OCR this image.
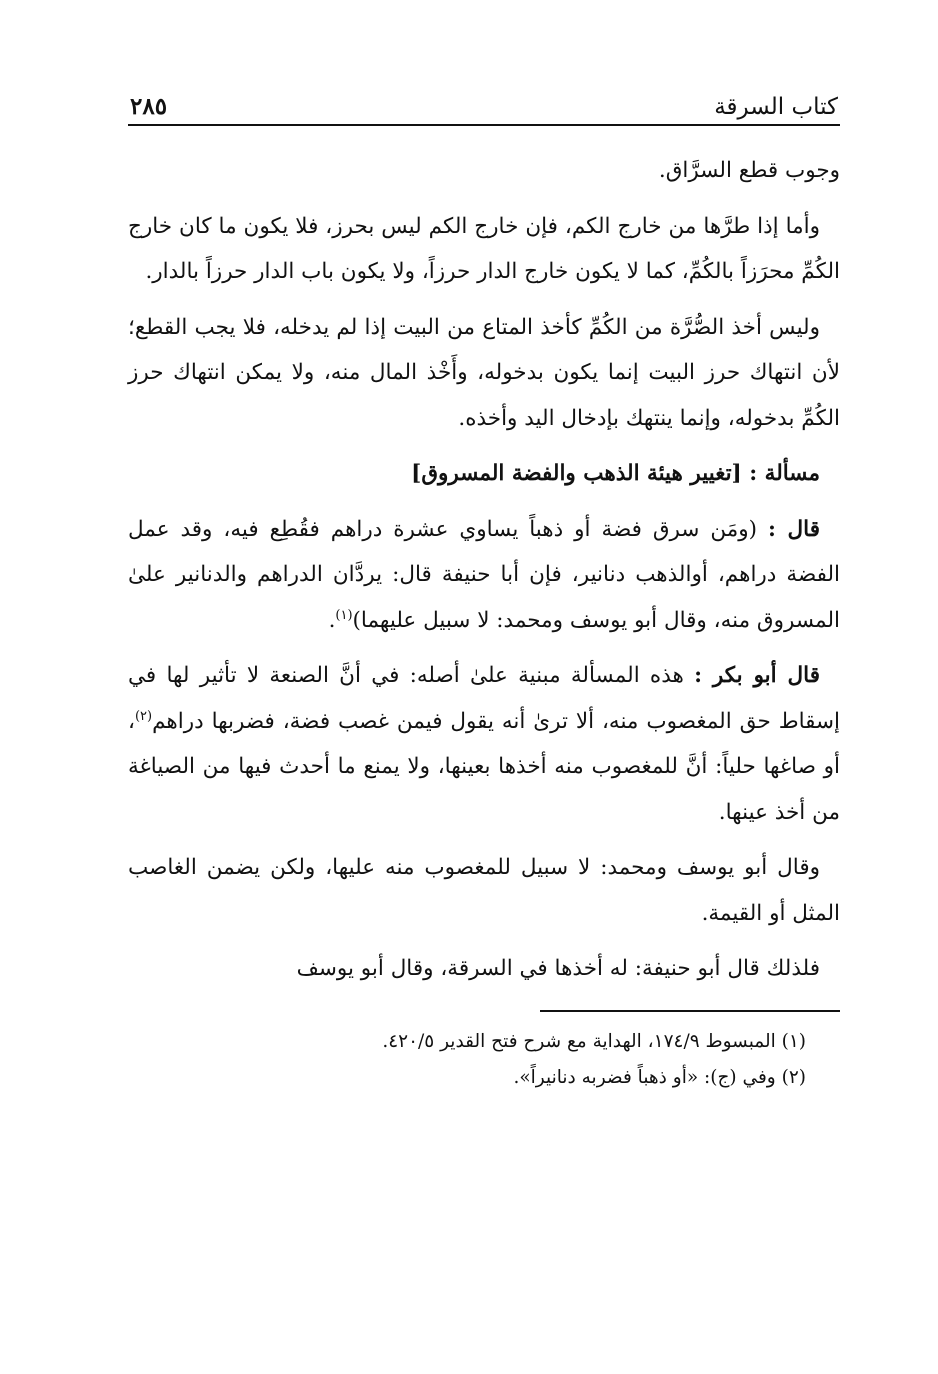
كتاب السرقة
٢٨٥

وجوب قطع السرَّاق.

وأما إذا طرَّها من خارج الكم، فإن خارج الكم ليس بحرز، فلا يكون ما كان خارج الكُمِّ محرَزاً بالكُمِّ، كما لا يكون خارج الدار حرزاً، ولا يكون باب الدار حرزاً بالدار.

وليس أخذ الصُّرَّة من الكُمِّ كأخذ المتاع من البيت إذا لم يدخله، فلا يجب القطع؛ لأن انتهاك حرز البيت إنما يكون بدخوله، وأَخْذ المال منه، ولا يمكن انتهاك حرز الكُمِّ بدخوله، وإنما ينتهك بإدخال اليد وأخذه.

مسألة : [تغيير هيئة الذهب والفضة المسروق]

قال : (ومَن سرق فضة أو ذهباً يساوي عشرة دراهم فقُطِع فيه، وقد عمل الفضة دراهم، أوالذهب دنانير، فإن أبا حنيفة قال: يردَّان الدراهم والدنانير علىٰ المسروق منه، وقال أبو يوسف ومحمد: لا سبيل عليهما)$^{(١)}$.

قال أبو بكر : هذه المسألة مبنية علىٰ أصله: في أنَّ الصنعة لا تأثير لها في إسقاط حق المغصوب منه، ألا ترىٰ أنه يقول فيمن غصب فضة، فضربها دراهم$^{(٢)}$، أو صاغها حلياً: أنَّ للمغصوب منه أخذها بعينها، ولا يمنع ما أحدث فيها من الصياغة من أخذ عينها.

وقال أبو يوسف ومحمد: لا سبيل للمغصوب منه عليها، ولكن يضمن الغاصب المثل أو القيمة.

فلذلك قال أبو حنيفة: له أخذها في السرقة، وقال أبو يوسف

(١) المبسوط ١٧٤/٩، الهداية مع شرح فتح القدير ٤٢٠/٥.

(٢) وفي (ج): «أو ذهباً فضربه دنانيراً».
